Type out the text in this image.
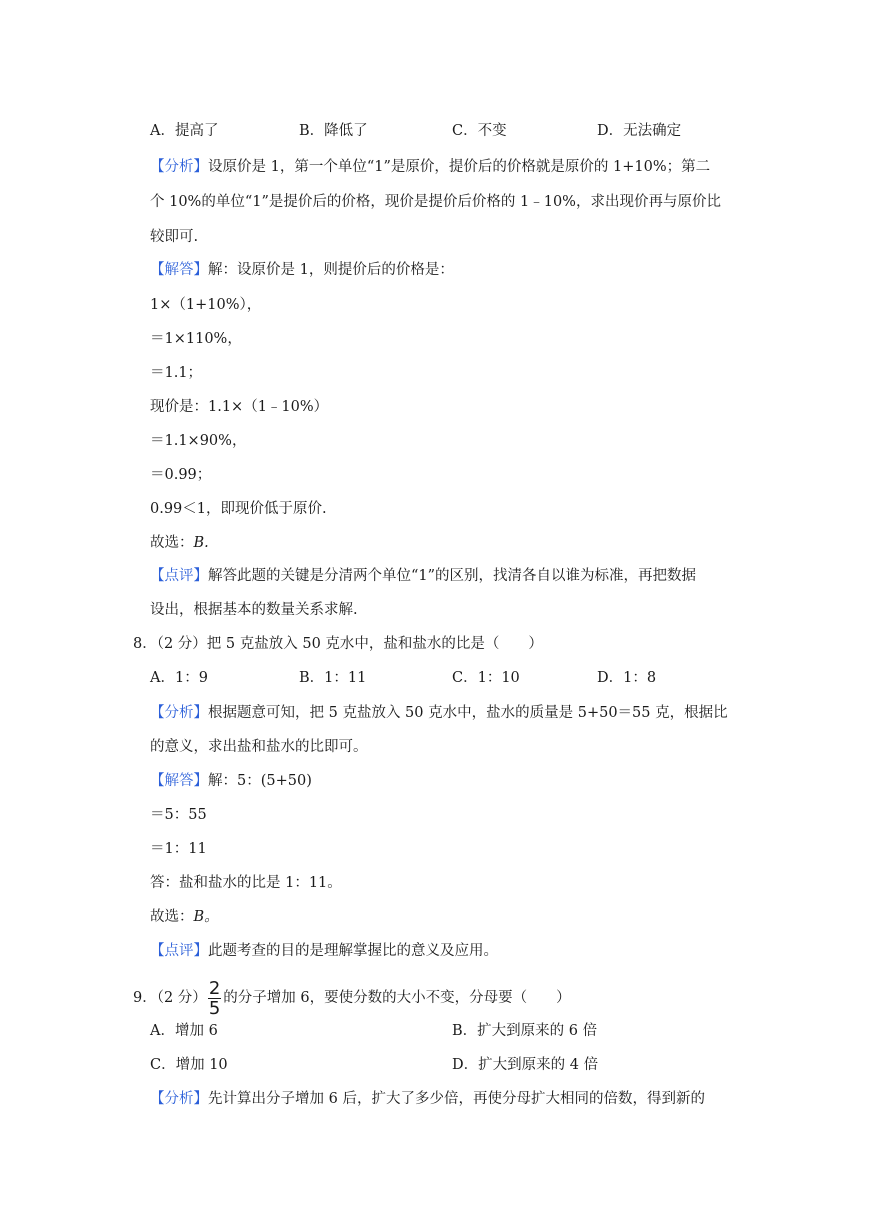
A．提高了	B．降低了	C．不变	D．无法确定
【分析】设原价是 1，第一个单位“1”是原价，提价后的价格就是原价的 1+10%；第二
个 10%的单位“1”是提价后的价格，现价是提价后价格的 1﹣10%，求出现价再与原价比
较即可.
【解答】解：设原价是 1，则提价后的价格是：
1×（1+10%），
＝1×110%，
＝1.1；
现价是：1.1×（1﹣10%）
＝1.1×90%，
＝0.99；
0.99＜1，即现价低于原价.
故选：B.
【点评】解答此题的关键是分清两个单位“1”的区别，找清各自以谁为标准，再把数据
设出，根据基本的数量关系求解.
8．（2 分）把 5 克盐放入 50 克水中，盐和盐水的比是（　　）
A．1：9	B．1：11	C．1：10	D．1：8
【分析】根据题意可知，把 5 克盐放入 50 克水中，盐水的质量是 5+50＝55 克，根据比
的意义，求出盐和盐水的比即可。
【解答】解：5：(5+50)
＝5：55
＝1：11
答：盐和盐水的比是 1：11。
故选：B。
【点评】此题考查的目的是理解掌握比的意义及应用。
9．（2 分） $\frac{2}{5}$ 的分子增加 6，要使分数的大小不变，分母要（　　）
A．增加 6	B．扩大到原来的 6 倍
C．增加 10	D．扩大到原来的 4 倍
【分析】先计算出分子增加 6 后，扩大了多少倍，再使分母扩大相同的倍数，得到新的
